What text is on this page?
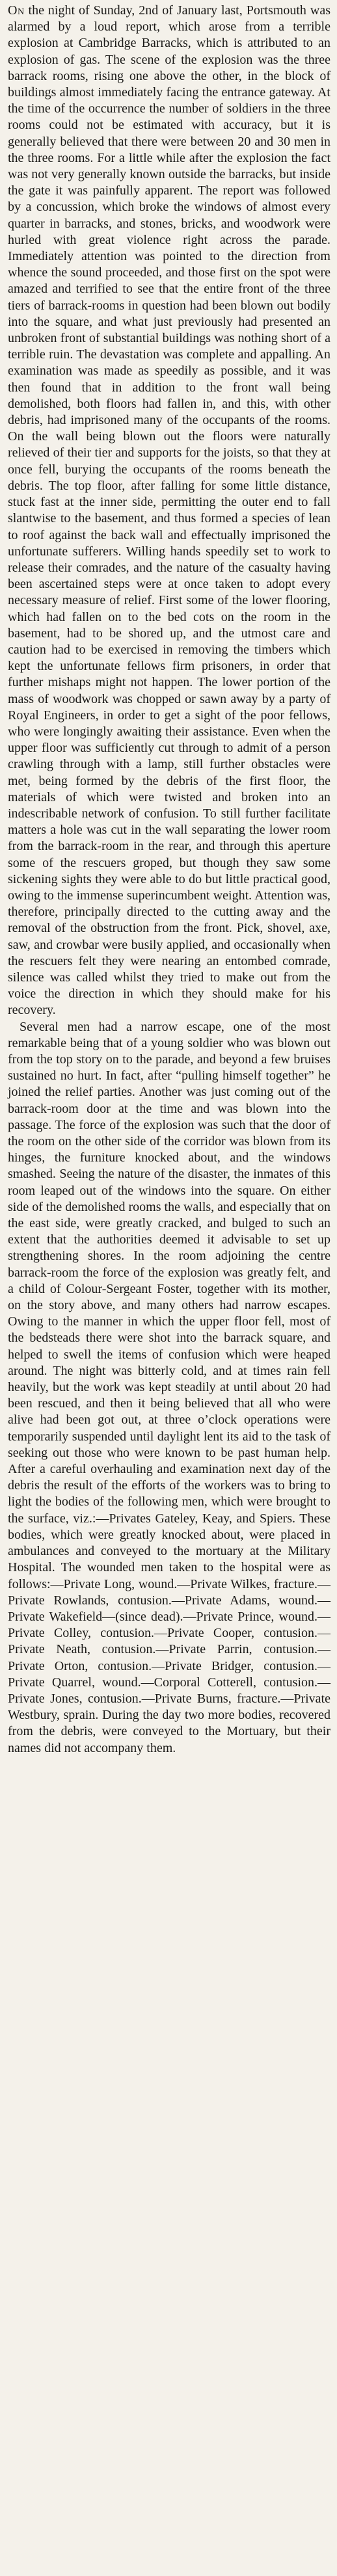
On the night of Sunday, 2nd of January last, Portsmouth was alarmed by a loud report, which arose from a terrible explosion at Cambridge Barracks, which is attributed to an explosion of gas. The scene of the explosion was the three barrack rooms, rising one above the other, in the block of buildings almost immediately facing the entrance gateway. At the time of the occurrence the number of soldiers in the three rooms could not be estimated with accuracy, but it is generally believed that there were between 20 and 30 men in the three rooms. For a little while after the explosion the fact was not very generally known outside the barracks, but inside the gate it was painfully apparent. The report was followed by a concussion, which broke the windows of almost every quarter in barracks, and stones, bricks, and woodwork were hurled with great violence right across the parade. Immediately attention was pointed to the direction from whence the sound proceeded, and those first on the spot were amazed and terrified to see that the entire front of the three tiers of barrack-rooms in question had been blown out bodily into the square, and what just previously had presented an unbroken front of substantial buildings was nothing short of a terrible ruin. The devastation was complete and appalling. An examination was made as speedily as possible, and it was then found that in addition to the front wall being demolished, both floors had fallen in, and this, with other debris, had imprisoned many of the occupants of the rooms. On the wall being blown out the floors were naturally relieved of their tier and supports for the joists, so that they at once fell, burying the occupants of the rooms beneath the debris. The top floor, after falling for some little distance, stuck fast at the inner side, permitting the outer end to fall slantwise to the basement, and thus formed a species of lean to roof against the back wall and effectually imprisoned the unfortunate sufferers. Willing hands speedily set to work to release their comrades, and the nature of the casualty having been ascertained steps were at once taken to adopt every necessary measure of relief. First some of the lower flooring, which had fallen on to the bed cots on the room in the basement, had to be shored up, and the utmost care and caution had to be exercised in removing the timbers which kept the unfortunate fellows firm prisoners, in order that further mishaps might not happen. The lower portion of the mass of woodwork was chopped or sawn away by a party of Royal Engineers, in order to get a sight of the poor fellows, who were longingly awaiting their assistance. Even when the upper floor was sufficiently cut through to admit of a person crawling through with a lamp, still further obstacles were met, being formed by the debris of the first floor, the materials of which were twisted and broken into an indescribable network of confusion. To still further facilitate matters a hole was cut in the wall separating the lower room from the barrack-room in the rear, and through this aperture some of the rescuers groped, but though they saw some sickening sights they were able to do but little practical good, owing to the immense superincumbent weight. Attention was, therefore, principally directed to the cutting away and the removal of the obstruction from the front. Pick, shovel, axe, saw, and crowbar were busily applied, and occasionally when the rescuers felt they were nearing an entombed comrade, silence was called whilst they tried to make out from the voice the direction in which they should make for his recovery.

Several men had a narrow escape, one of the most remarkable being that of a young soldier who was blown out from the top story on to the parade, and beyond a few bruises sustained no hurt. In fact, after “pulling himself together” he joined the relief parties. Another was just coming out of the barrack-room door at the time and was blown into the passage. The force of the explosion was such that the door of the room on the other side of the corridor was blown from its hinges, the furniture knocked about, and the windows smashed. Seeing the nature of the disaster, the inmates of this room leaped out of the windows into the square. On either side of the demolished rooms the walls, and especially that on the east side, were greatly cracked, and bulged to such an extent that the authorities deemed it advisable to set up strengthening shores. In the room adjoining the centre barrack-room the force of the explosion was greatly felt, and a child of Colour-Sergeant Foster, together with its mother, on the story above, and many others had narrow escapes. Owing to the manner in which the upper floor fell, most of the bedsteads there were shot into the barrack square, and helped to swell the items of confusion which were heaped around. The night was bitterly cold, and at times rain fell heavily, but the work was kept steadily at until about 20 had been rescued, and then it being believed that all who were alive had been got out, at three o’clock operations were temporarily suspended until daylight lent its aid to the task of seeking out those who were known to be past human help. After a careful overhauling and examination next day of the debris the result of the efforts of the workers was to bring to light the bodies of the following men, which were brought to the surface, viz.:—Privates Gateley, Keay, and Spiers. These bodies, which were greatly knocked about, were placed in ambulances and conveyed to the mortuary at the Military Hospital. The wounded men taken to the hospital were as follows:—Private Long, wound.—Private Wilkes, fracture.—Private Rowlands, contusion.—Private Adams, wound.—Private Wakefield—(since dead).—Private Prince, wound.—Private Colley, contusion.—Private Cooper, contusion.—Private Neath, contusion.—Private Parrin, contusion.—Private Orton, contusion.—Private Bridger, contusion.—Private Quarrel, wound.—Corporal Cotterell, contusion.—Private Jones, contusion.—Private Burns, fracture.—Private Westbury, sprain. During the day two more bodies, recovered from the debris, were conveyed to the Mortuary, but their names did not accompany them.
